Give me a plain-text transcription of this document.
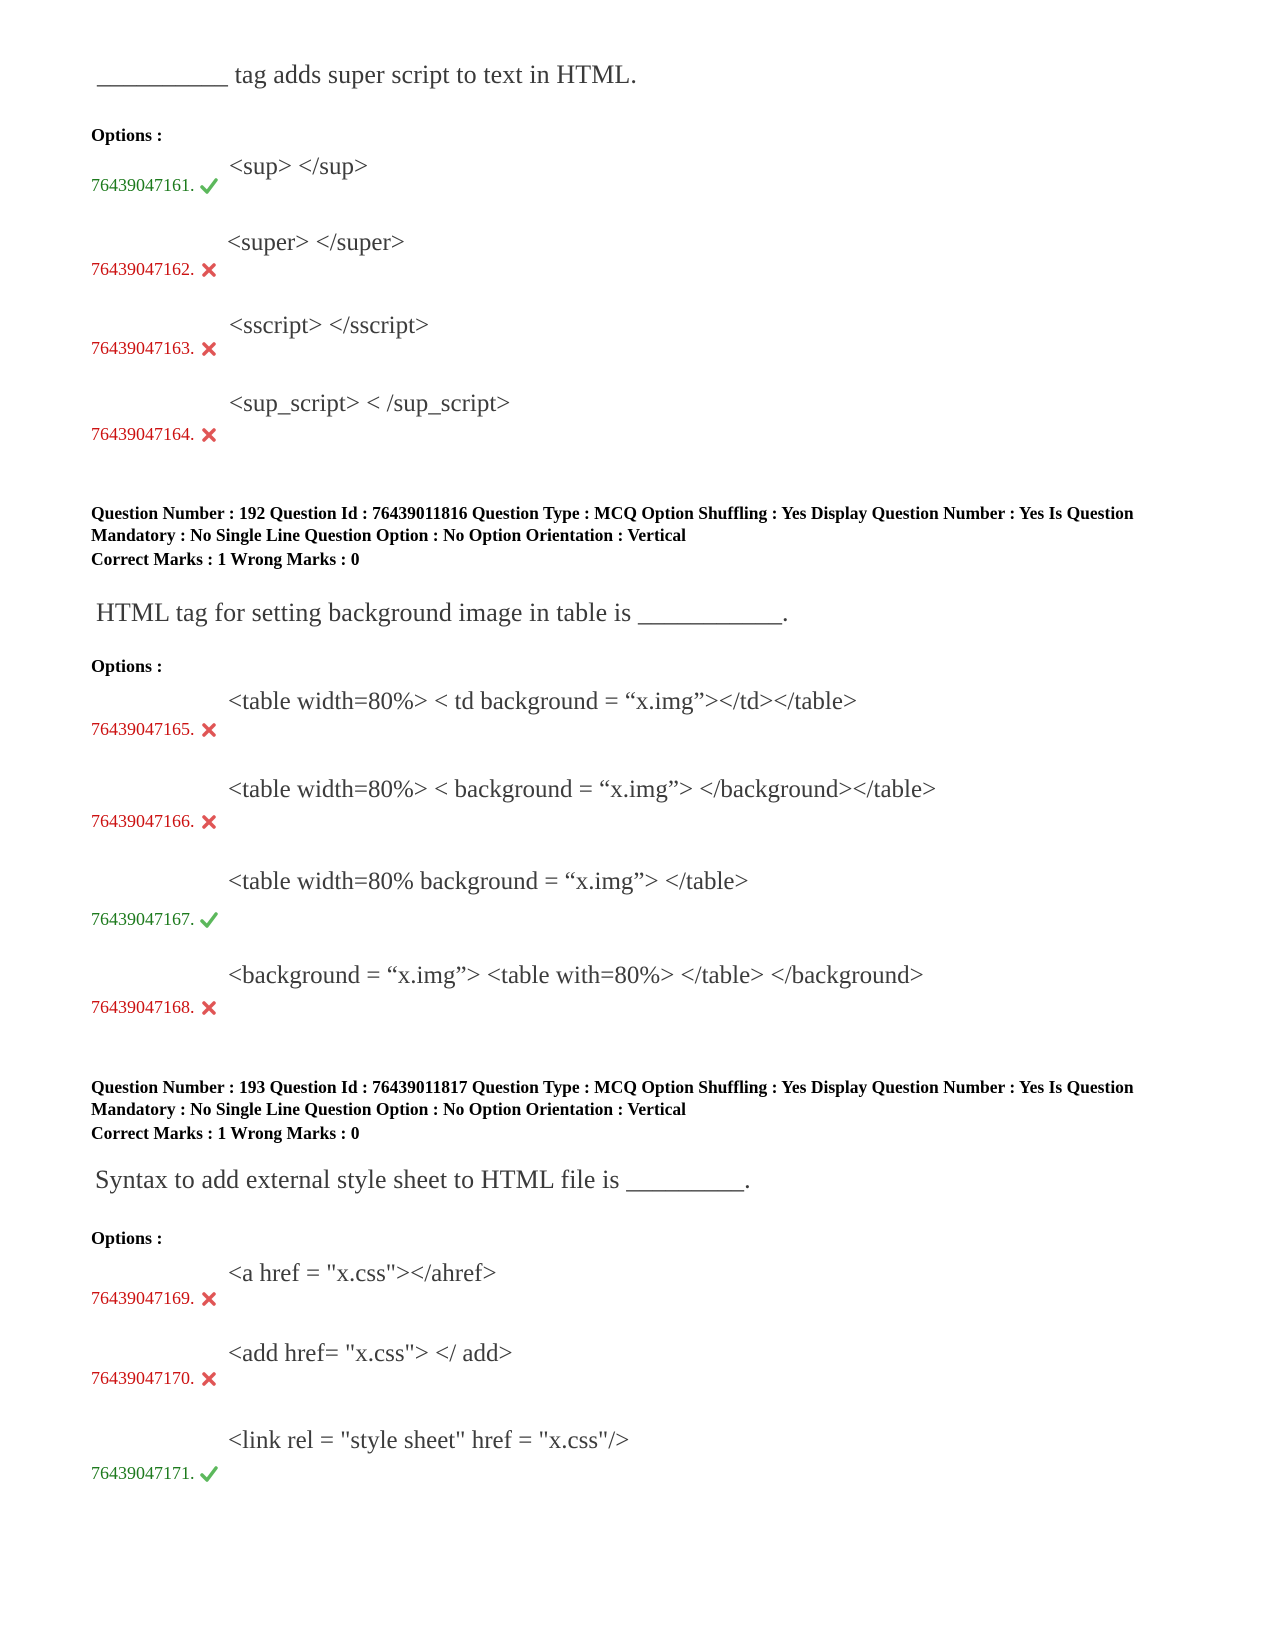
__________ tag adds super script to text in HTML.
Options :
<sup> </sup>
76439047161.
<super> </super>
76439047162.
<sscript> </sscript>
76439047163.
<sup_script> < /sup_script>
76439047164.
Question Number : 192 Question Id : 76439011816 Question Type : MCQ Option Shuffling : Yes Display Question Number : Yes Is Question Mandatory : No Single Line Question Option : No Option Orientation : Vertical
Correct Marks : 1 Wrong Marks : 0
HTML tag for setting background image in table is ___________.
Options :
<table width=80%> < td background = “x.img”></td></table>
76439047165.
<table width=80%> < background = “x.img”> </background></table>
76439047166.
<table width=80% background = “x.img”> </table>
76439047167.
<background = “x.img”> <table with=80%> </table> </background>
76439047168.
Question Number : 193 Question Id : 76439011817 Question Type : MCQ Option Shuffling : Yes Display Question Number : Yes Is Question Mandatory : No Single Line Question Option : No Option Orientation : Vertical
Correct Marks : 1 Wrong Marks : 0
Syntax to add external style sheet to HTML file is _________.
Options :
<a href = "x.css"></ahref>
76439047169.
<add href= "x.css"> </ add>
76439047170.
<link rel = "style sheet" href = "x.css"/>
76439047171.
